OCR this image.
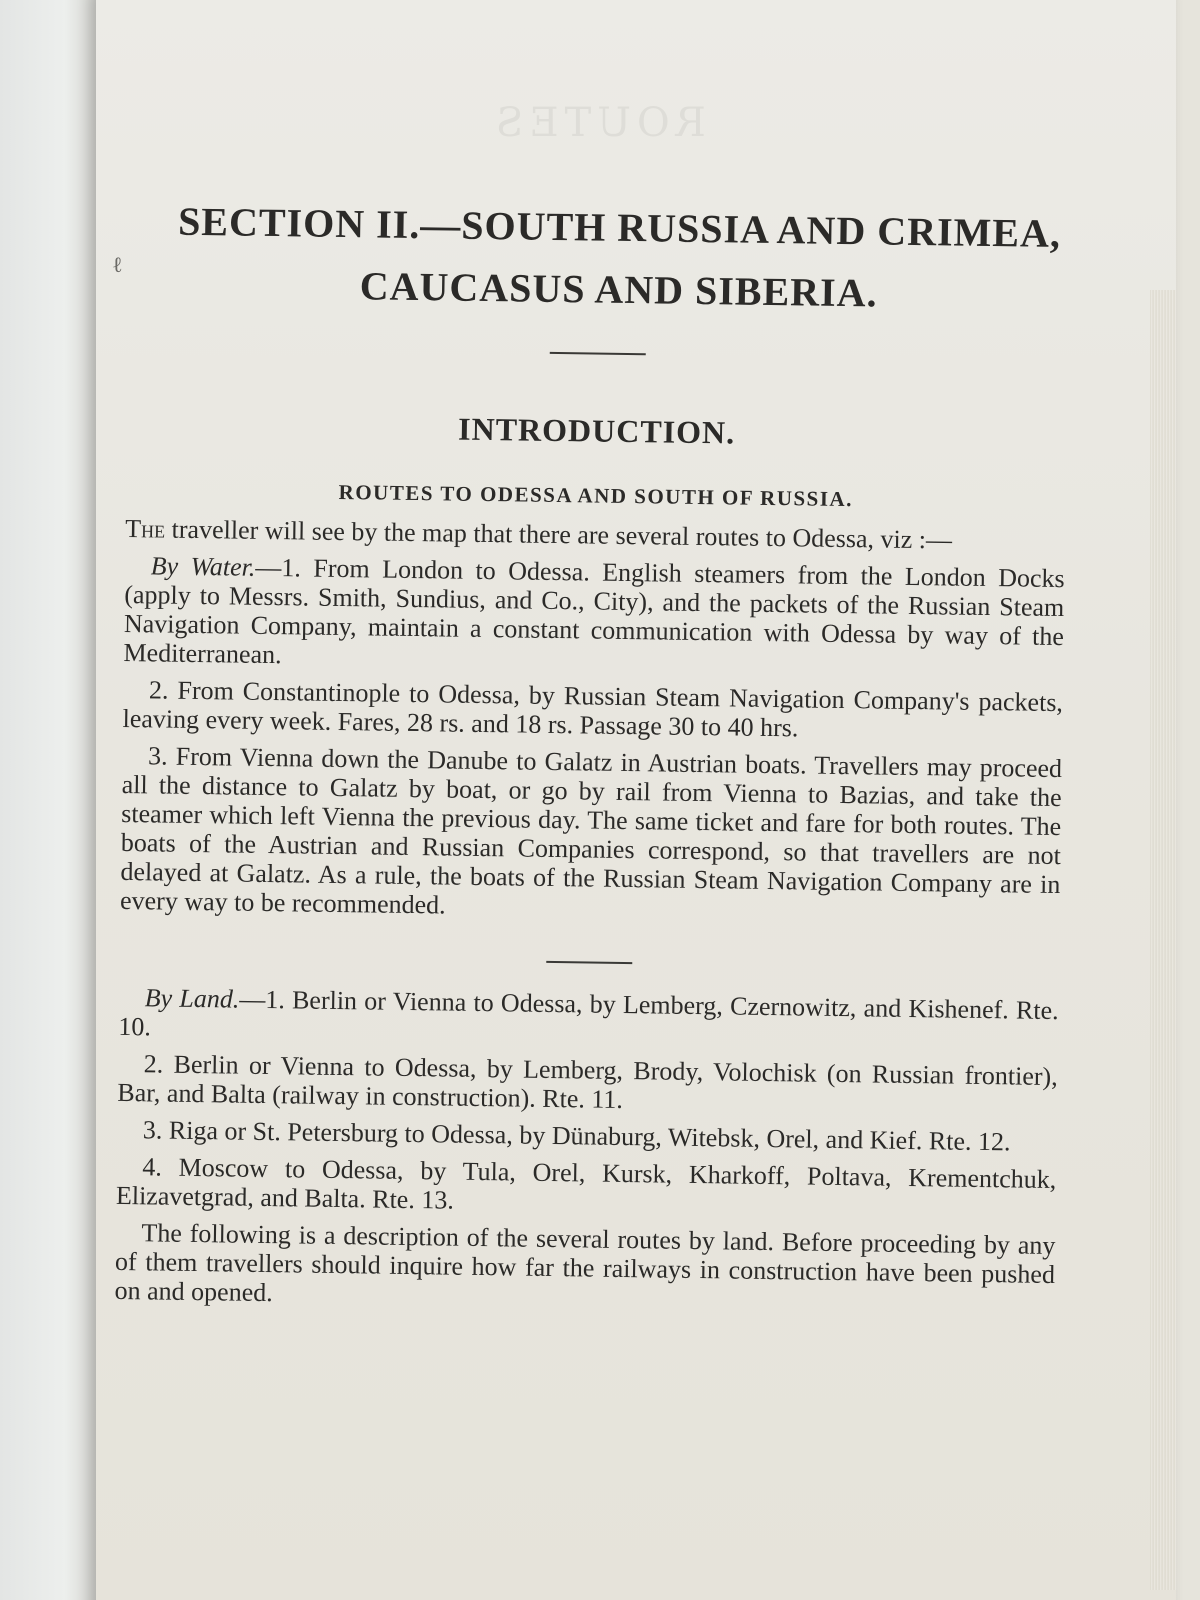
ROUTES
ℓ
SECTION II.—SOUTH RUSSIA AND CRIMEA,
CAUCASUS AND SIBERIA.
INTRODUCTION.
ROUTES TO ODESSA AND SOUTH OF RUSSIA.

The traveller will see by the map that there are several routes to Odessa, viz :—

By Water.—1. From London to Odessa. English steamers from the London Docks (apply to Messrs. Smith, Sundius, and Co., City), and the packets of the Russian Steam Navigation Company, maintain a constant communication with Odessa by way of the Mediterranean.

2. From Constantinople to Odessa, by Russian Steam Navigation Company's packets, leaving every week. Fares, 28 rs. and 18 rs. Passage 30 to 40 hrs.

3. From Vienna down the Danube to Galatz in Austrian boats. Travellers may proceed all the distance to Galatz by boat, or go by rail from Vienna to Bazias, and take the steamer which left Vienna the previous day. The same ticket and fare for both routes. The boats of the Austrian and Russian Companies correspond, so that travellers are not delayed at Galatz. As a rule, the boats of the Russian Steam Navigation Company are in every way to be recommended.

By Land.—1. Berlin or Vienna to Odessa, by Lemberg, Czernowitz, and Kishenef. Rte. 10.

2. Berlin or Vienna to Odessa, by Lemberg, Brody, Volochisk (on Russian frontier), Bar, and Balta (railway in construction). Rte. 11.

3. Riga or St. Petersburg to Odessa, by Dünaburg, Witebsk, Orel, and Kief. Rte. 12.

4. Moscow to Odessa, by Tula, Orel, Kursk, Kharkoff, Poltava, Krementchuk, Elizavetgrad, and Balta. Rte. 13.

The following is a description of the several routes by land. Before proceeding by any of them travellers should inquire how far the railways in construction have been pushed on and opened.
